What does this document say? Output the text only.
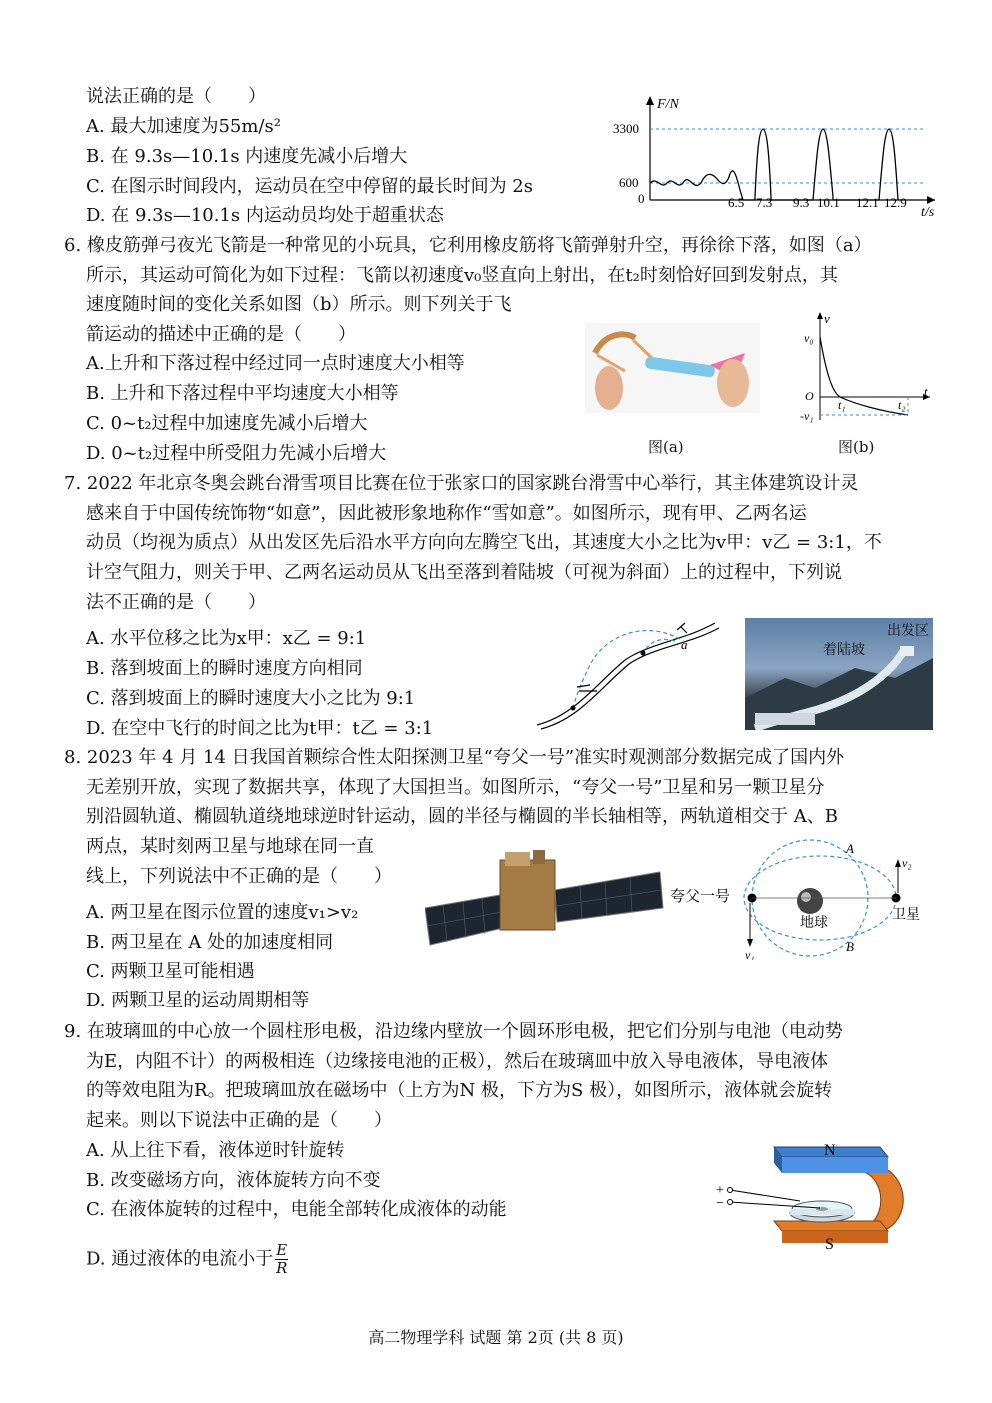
说法正确的是（　　）
A. 最大加速度为55m/s²
B. 在 9.3s—10.1s 内速度先减小后增大
C. 在图示时间段内，运动员在空中停留的最长时间为 2s
D. 在 9.3s—10.1s 内运动员均处于超重状态
F/N
t/s
0
3300
600
6.5 7.3 9.3 10.1 12.1 12.9
6. 橡皮筋弹弓夜光飞箭是一种常见的小玩具，它利用橡皮筋将飞箭弹射升空，再徐徐下落，如图（a）
所示，其运动可简化为如下过程：飞箭以初速度v₀竖直向上射出，在t₂时刻恰好回到发射点，其
速度随时间的变化关系如图（b）所示。则下列关于飞
箭运动的描述中正确的是（　　）
A.上升和下落过程中经过同一点时速度大小相等
B. 上升和下落过程中平均速度大小相等
C. 0~t₂过程中加速度先减小后增大
D. 0~t₂过程中所受阻力先减小后增大	图(a)
v
v₀
O	t
t₁	t₂
-v₁
图(b)
7. 2022 年北京冬奥会跳台滑雪项目比赛在位于张家口的国家跳台滑雪中心举行，其主体建筑设计灵
感来自于中国传统饰物“如意”，因此被形象地称作“雪如意”。如图所示，现有甲、乙两名运
动员（均视为质点）从出发区先后沿水平方向向左腾空飞出，其速度大小之比为v甲：v乙 = 3:1，不
计空气阻力，则关于甲、乙两名运动员从飞出至落到着陆坡（可视为斜面）上的过程中，下列说
法不正确的是（　　）
A. 水平位移之比为x甲：x乙 = 9:1
B. 落到坡面上的瞬时速度方向相同
C. 落到坡面上的瞬时速度大小之比为 9:1
D. 在空中飞行的时间之比为t甲：t乙 = 3:1
a
出发区
着陆坡
8. 2023 年 4 月 14 日我国首颗综合性太阳探测卫星“夸父一号”准实时观测部分数据完成了国内外
无差别开放，实现了数据共享，体现了大国担当。如图所示，“夸父一号”卫星和另一颗卫星分
别沿圆轨道、椭圆轨道绕地球逆时针运动，圆的半径与椭圆的半长轴相等，两轨道相交于 A、B
两点，某时刻两卫星与地球在同一直
线上，下列说法中不正确的是（　　）
A. 两卫星在图示位置的速度v₁>v₂
B. 两卫星在 A 处的加速度相同
C. 两颗卫星可能相遇
D. 两颗卫星的运动周期相等
夸父一号
地球
卫星
A
B
v₁
v₂
9. 在玻璃皿的中心放一个圆柱形电极，沿边缘内壁放一个圆环形电极，把它们分别与电池（电动势
为E，内阻不计）的两极相连（边缘接电池的正极），然后在玻璃皿中放入导电液体，导电液体
的等效电阻为R。把玻璃皿放在磁场中（上方为N 极，下方为S 极），如图所示，液体就会旋转
起来。则以下说法中正确的是（　　）
A. 从上往下看，液体逆时针旋转
B. 改变磁场方向，液体旋转方向不变
C. 在液体旋转的过程中，电能全部转化成液体的动能
D. 通过液体的电流小于 $\frac{E}{R}$
N
S
+
−
高二物理学科 试题 第 2页 (共 8 页)
